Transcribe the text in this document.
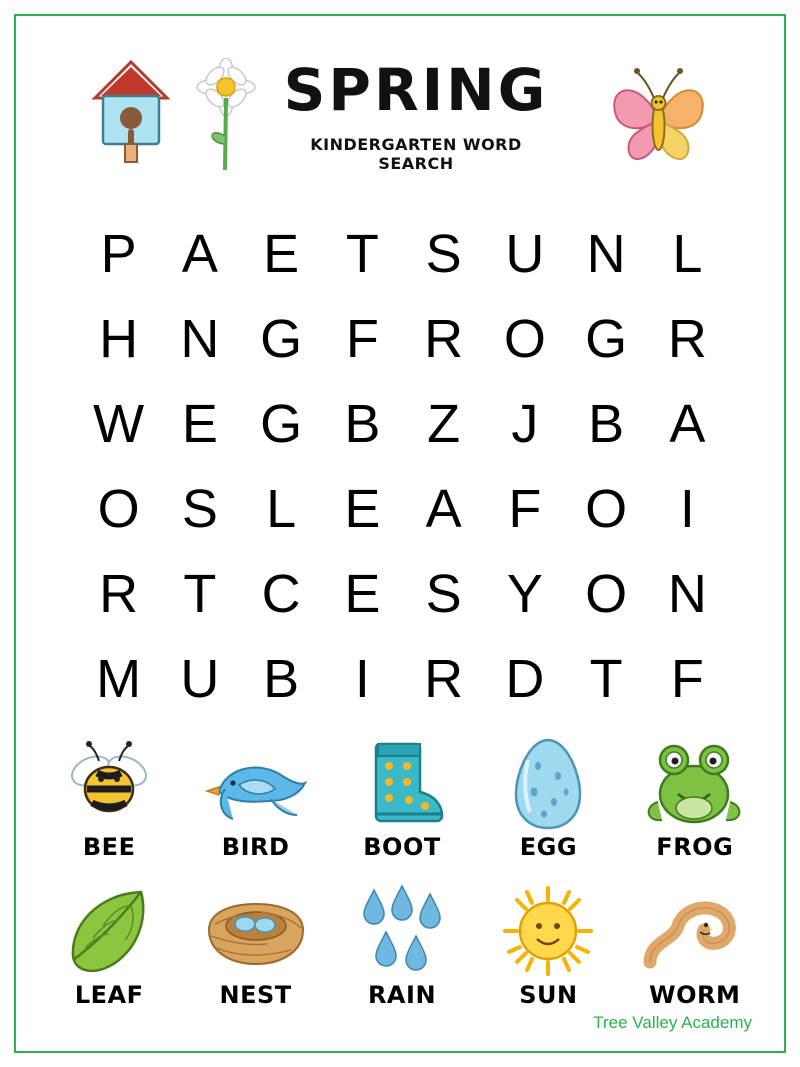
SPRING
KINDERGARTEN WORD SEARCH
P A E T S U N L
H N G F R O G R
W E G B Z J B A
O S L E A F O I
R T C E S Y O N
M U B I R D T F
BEE	BIRD	BOOT	EGG	FROG
LEAF	NEST	RAIN	SUN	WORM
Tree Valley Academy
